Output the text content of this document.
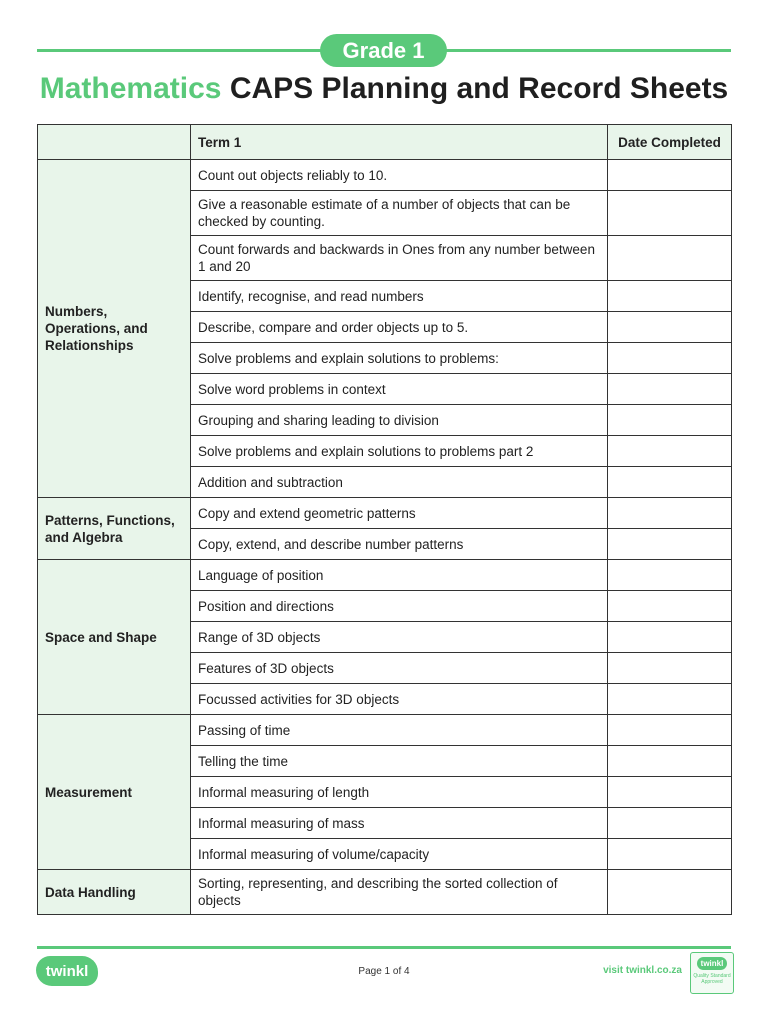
Grade 1
Mathematics CAPS Planning and Record Sheets
	Term 1	Date Completed
Numbers, Operations, and Relationships	Count out objects reliably to 10.	
	Give a reasonable estimate of a number of objects that can be checked by counting.	
	Count forwards and backwards in Ones from any number between 1 and 20	
	Identify, recognise, and read numbers	
	Describe, compare and order objects up to 5.	
	Solve problems and explain solutions to problems:	
	Solve word problems in context	
	Grouping and sharing leading to division	
	Solve problems and explain solutions to problems part 2	
	Addition and subtraction	
Patterns, Functions, and Algebra	Copy and extend geometric patterns	
	Copy, extend, and describe number patterns	
Space and Shape	Language of position	
	Position and directions	
	Range of 3D objects	
	Features of 3D objects	
	Focussed activities for 3D objects	
Measurement	Passing of time	
	Telling the time	
	Informal measuring of length	
	Informal measuring of mass	
	Informal measuring of volume/capacity	
Data Handling	Sorting, representing, and describing the sorted collection of objects	
twinkl	Page 1 of 4	visit twinkl.co.za
twinkl
Quality Standard Approved
